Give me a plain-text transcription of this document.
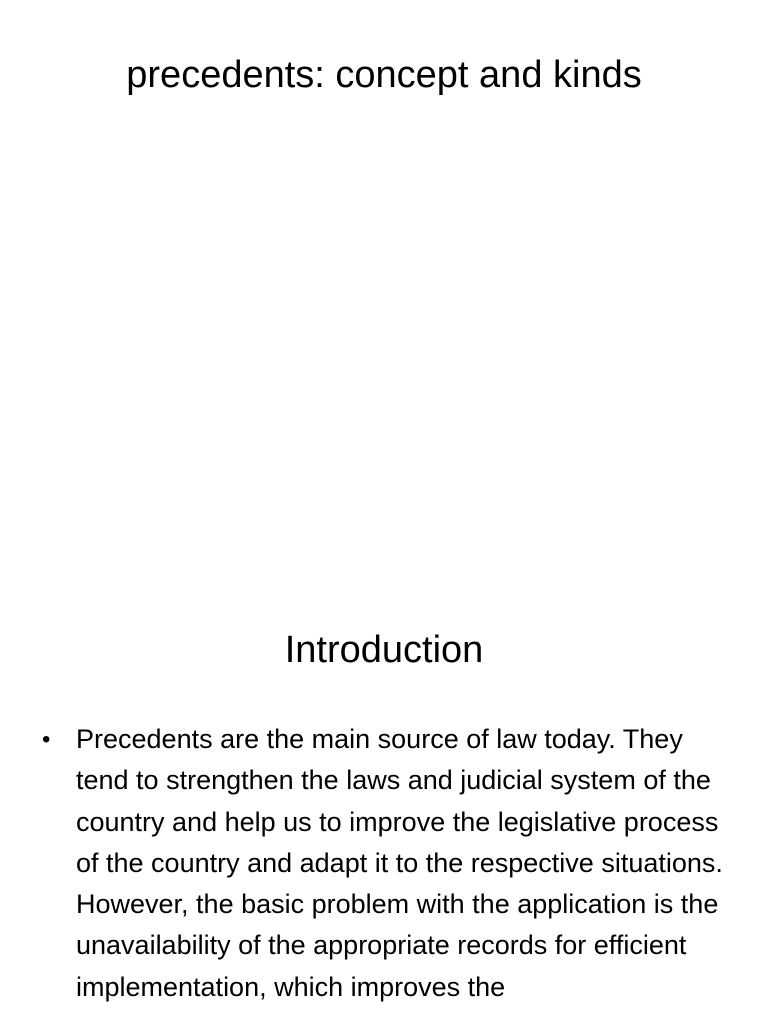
precedents: concept and kinds
Introduction
• Precedents are the main source of law today. They tend to strengthen the laws and judicial system of the country and help us to improve the legislative process of the country and adapt it to the respective situations. However, the basic problem with the application is the unavailability of the appropriate records for efficient implementation, which improves the
